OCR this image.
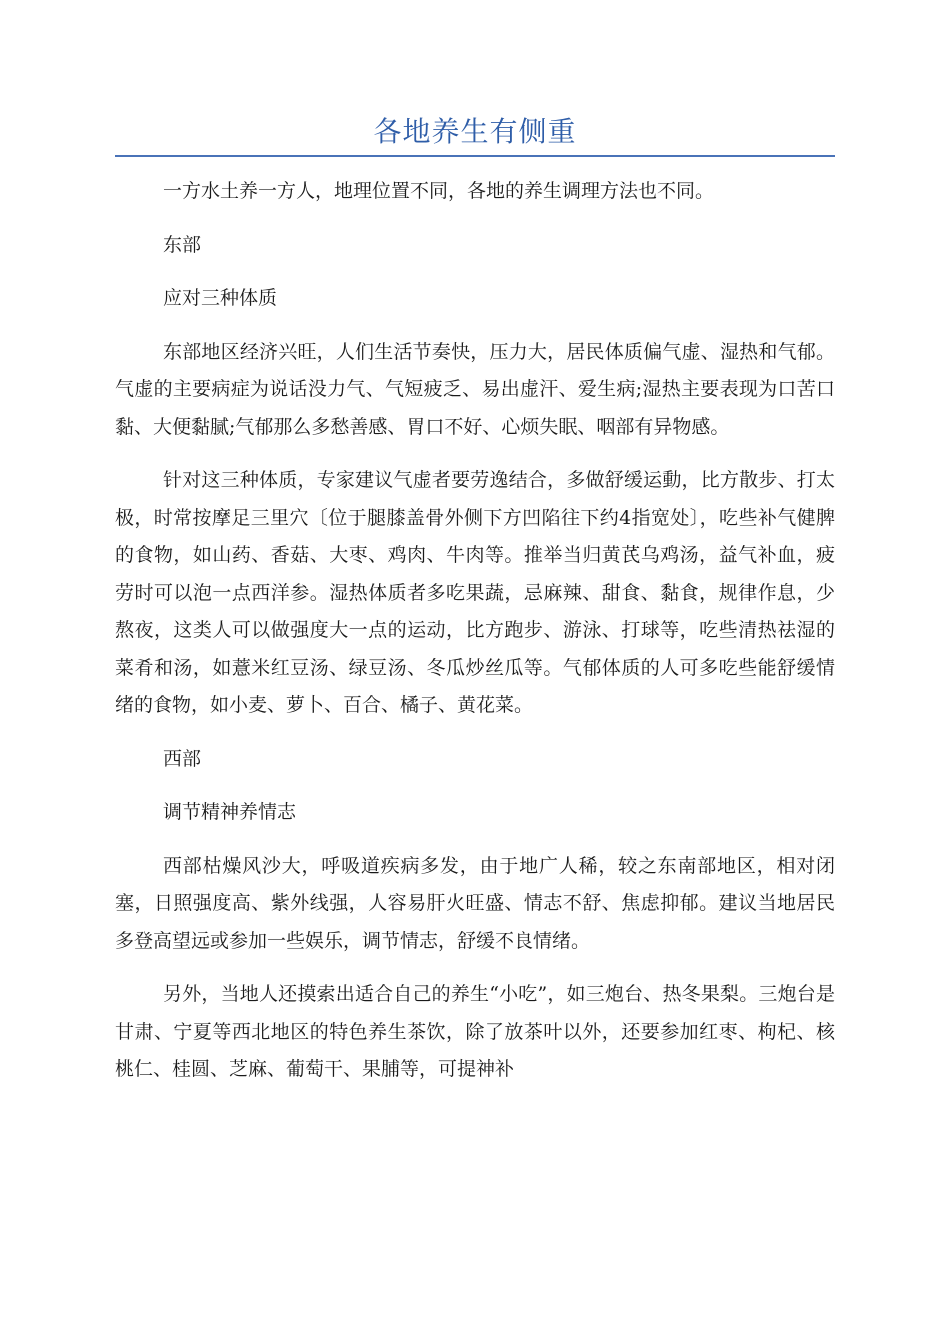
各地养生有侧重

一方水土养一方人，地理位置不同，各地的养生调理方法也不同。

东部

应对三种体质

东部地区经济兴旺，人们生活节奏快，压力大，居民体质偏气虚、湿热和气郁。气虚的主要病症为说话没力气、气短疲乏、易出虚汗、爱生病;湿热主要表现为口苦口黏、大便黏腻;气郁那么多愁善感、胃口不好、心烦失眠、咽部有异物感。

针对这三种体质，专家建议气虚者要劳逸结合，多做舒缓运動，比方散步、打太极，时常按摩足三里穴〔位于腿膝盖骨外侧下方凹陷往下约4指宽处〕，吃些补气健脾的食物，如山药、香菇、大枣、鸡肉、牛肉等。推举当归黄芪乌鸡汤，益气补血，疲劳时可以泡一点西洋参。湿热体质者多吃果蔬，忌麻辣、甜食、黏食，规律作息，少熬夜，这类人可以做强度大一点的运动，比方跑步、游泳、打球等，吃些清热祛湿的菜肴和汤，如薏米红豆汤、绿豆汤、冬瓜炒丝瓜等。气郁体质的人可多吃些能舒缓情绪的食物，如小麦、萝卜、百合、橘子、黄花菜。

西部

调节精神养情志

西部枯燥风沙大，呼吸道疾病多发，由于地广人稀，较之东南部地区，相对闭塞，日照强度高、紫外线强，人容易肝火旺盛、情志不舒、焦虑抑郁。建议当地居民多登高望远或参加一些娱乐，调节情志，舒缓不良情绪。

另外，当地人还摸索出适合自己的养生“小吃”，如三炮台、热冬果梨。三炮台是甘肃、宁夏等西北地区的特色养生茶饮，除了放茶叶以外，还要参加红枣、枸杞、核桃仁、桂圆、芝麻、葡萄干、果脯等，可提神补
